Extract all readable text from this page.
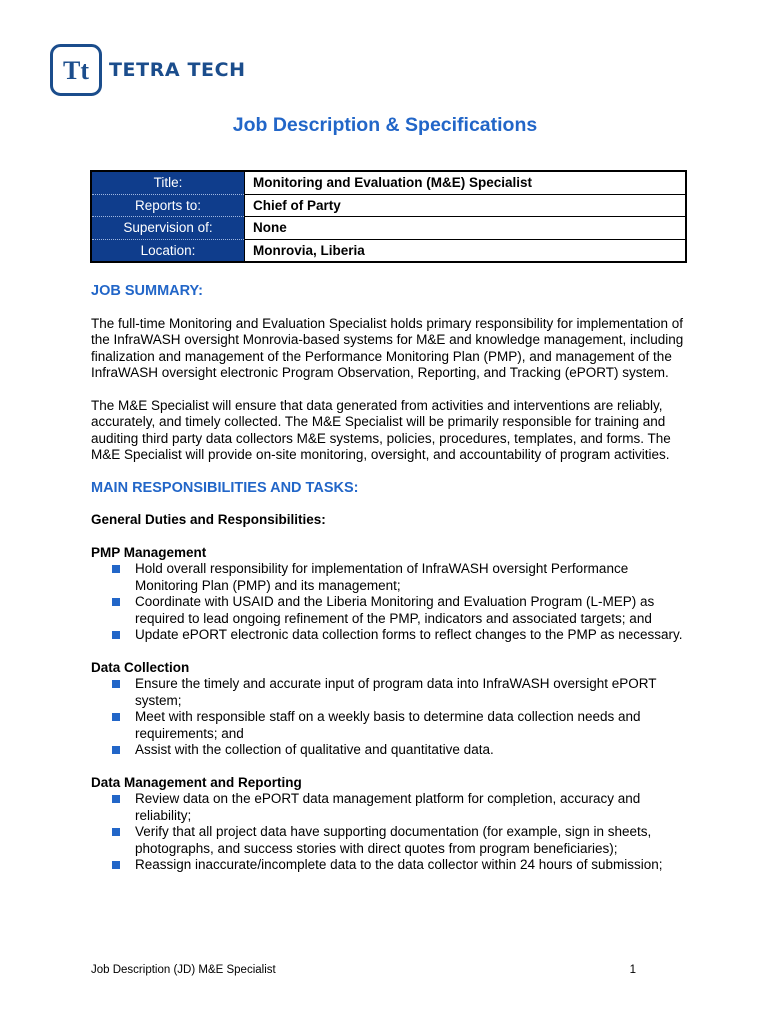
Tt TETRA TECH
Job Description & Specifications
Title:	Monitoring and Evaluation (M&E) Specialist
Reports to:	Chief of Party
Supervision of:	None
Location:	Monrovia, Liberia
JOB SUMMARY:

The full-time Monitoring and Evaluation Specialist holds primary responsibility for implementation of the InfraWASH oversight Monrovia-based systems for M&E and knowledge management, including finalization and management of the Performance Monitoring Plan (PMP), and management of the InfraWASH oversight electronic Program Observation, Reporting, and Tracking (ePORT) system.

The M&E Specialist will ensure that data generated from activities and interventions are reliably, accurately, and timely collected. The M&E Specialist will be primarily responsible for training and auditing third party data collectors M&E systems, policies, procedures, templates, and forms. The M&E Specialist will provide on-site monitoring, oversight, and accountability of program activities.

MAIN RESPONSIBILITIES AND TASKS:
General Duties and Responsibilities:
PMP Management
Hold overall responsibility for implementation of InfraWASH oversight Performance Monitoring Plan (PMP) and its management;
Coordinate with USAID and the Liberia Monitoring and Evaluation Program (L-MEP) as required to lead ongoing refinement of the PMP, indicators and associated targets; and
Update ePORT electronic data collection forms to reflect changes to the PMP as necessary.
Data Collection
Ensure the timely and accurate input of program data into InfraWASH oversight ePORT system;
Meet with responsible staff on a weekly basis to determine data collection needs and requirements; and
Assist with the collection of qualitative and quantitative data.
Data Management and Reporting
Review data on the ePORT data management platform for completion, accuracy and reliability;
Verify that all project data have supporting documentation (for example, sign in sheets, photographs, and success stories with direct quotes from program beneficiaries);
Reassign inaccurate/incomplete data to the data collector within 24 hours of submission;
Job Description (JD) M&E Specialist	1
